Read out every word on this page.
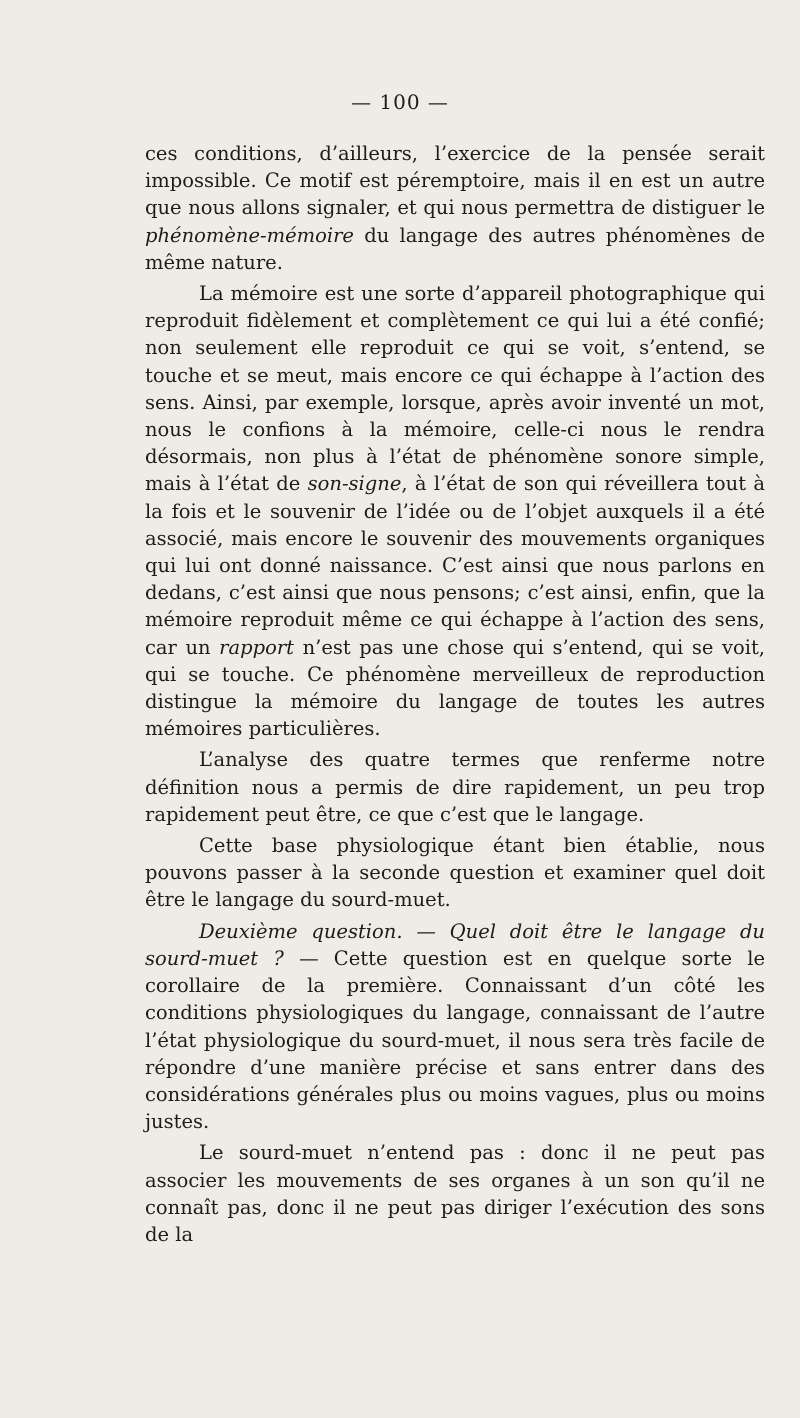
— 100 —

ces conditions, d’ailleurs, l’exercice de la pensée serait impossible. Ce motif est péremptoire, mais il en est un autre que nous allons signaler, et qui nous permettra de distiguer le phénomène-mémoire du langage des autres phénomènes de même nature.

La mémoire est une sorte d’appareil photographique qui reproduit fidèlement et complètement ce qui lui a été confié; non seulement elle reproduit ce qui se voit, s’entend, se touche et se meut, mais encore ce qui échappe à l’action des sens. Ainsi, par exemple, lorsque, après avoir inventé un mot, nous le confions à la mémoire, celle-ci nous le rendra désormais, non plus à l’état de phénomène sonore simple, mais à l’état de son-signe, à l’état de son qui réveillera tout à la fois et le souvenir de l’idée ou de l’objet auxquels il a été associé, mais encore le souvenir des mouvements organiques qui lui ont donné naissance. C’est ainsi que nous parlons en dedans, c’est ainsi que nous pensons; c’est ainsi, enfin, que la mémoire reproduit même ce qui échappe à l’action des sens, car un rapport n’est pas une chose qui s’entend, qui se voit, qui se touche. Ce phénomène merveilleux de reproduction distingue la mémoire du langage de toutes les autres mémoires particulières.

L’analyse des quatre termes que renferme notre définition nous a permis de dire rapidement, un peu trop rapidement peut être, ce que c’est que le langage.

Cette base physiologique étant bien établie, nous pouvons passer à la seconde question et examiner quel doit être le langage du sourd-muet.

Deuxième question. — Quel doit être le langage du sourd-muet ? — Cette question est en quelque sorte le corollaire de la première. Connaissant d’un côté les conditions physiologiques du langage, connaissant de l’autre l’état physiologique du sourd-muet, il nous sera très facile de répondre d’une manière précise et sans entrer dans des considérations générales plus ou moins vagues, plus ou moins justes.

Le sourd-muet n’entend pas : donc il ne peut pas associer les mouvements de ses organes à un son qu’il ne connaît pas, donc il ne peut pas diriger l’exécution des sons de la
